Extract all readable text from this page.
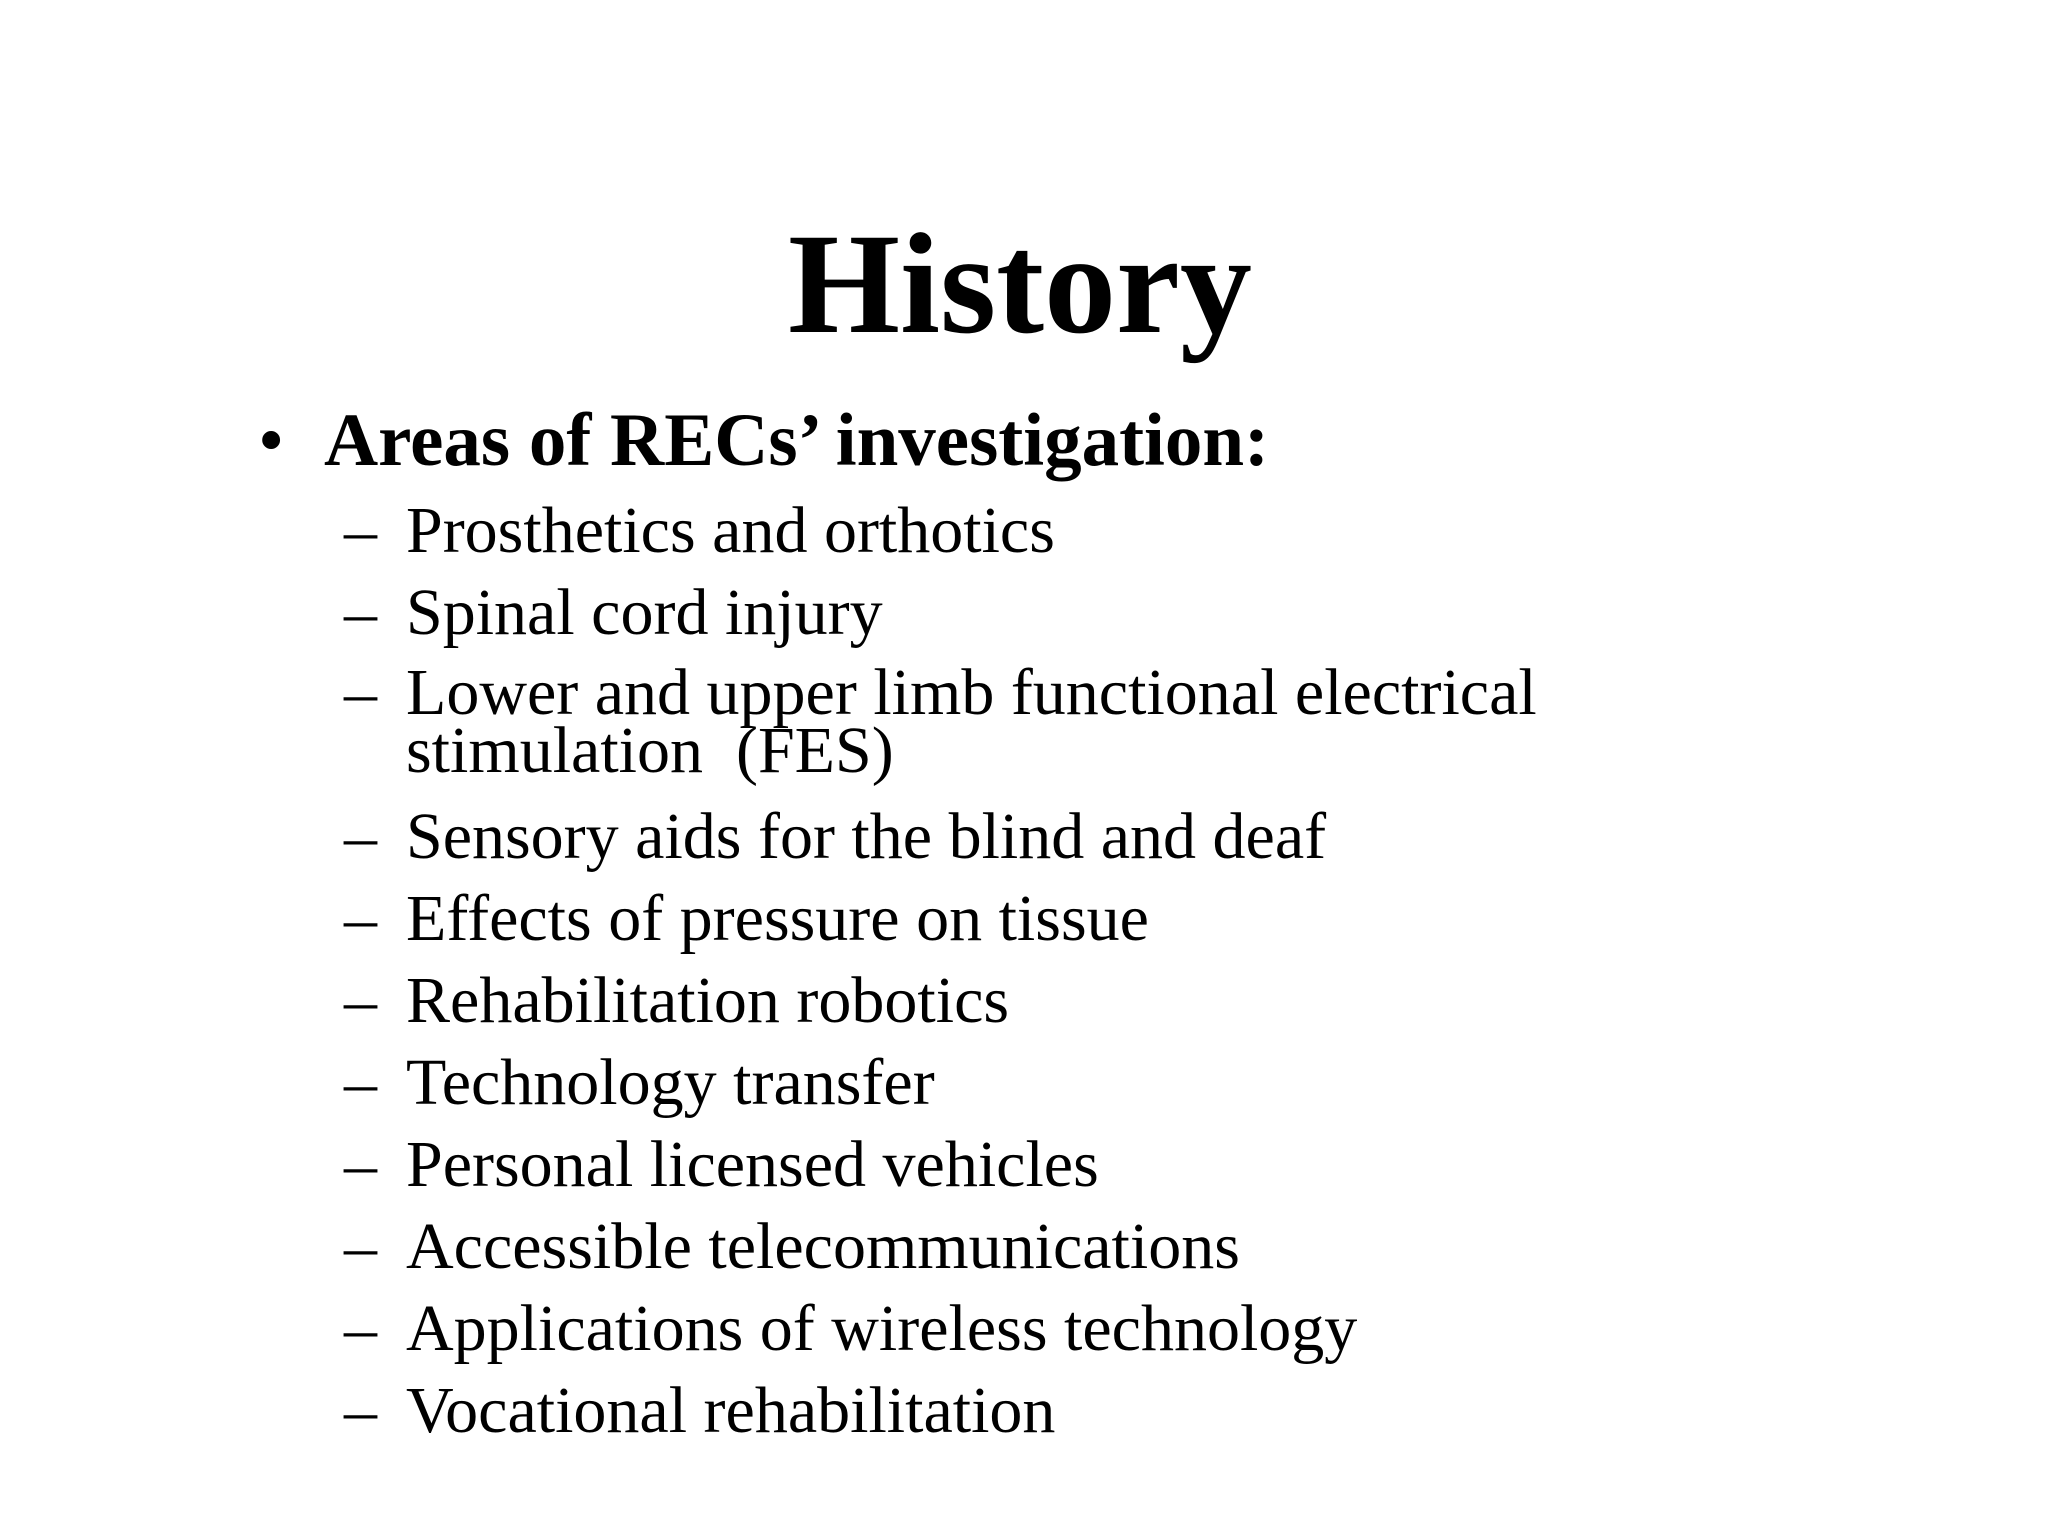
History
• Areas of RECs’ investigation:
– Prosthetics and orthotics
– Spinal cord injury
– Lower and upper limb functional electrical stimulation  (FES)
– Sensory aids for the blind and deaf
– Effects of pressure on tissue
– Rehabilitation robotics
– Technology transfer
– Personal licensed vehicles
– Accessible telecommunications
– Applications of wireless technology
– Vocational rehabilitation
